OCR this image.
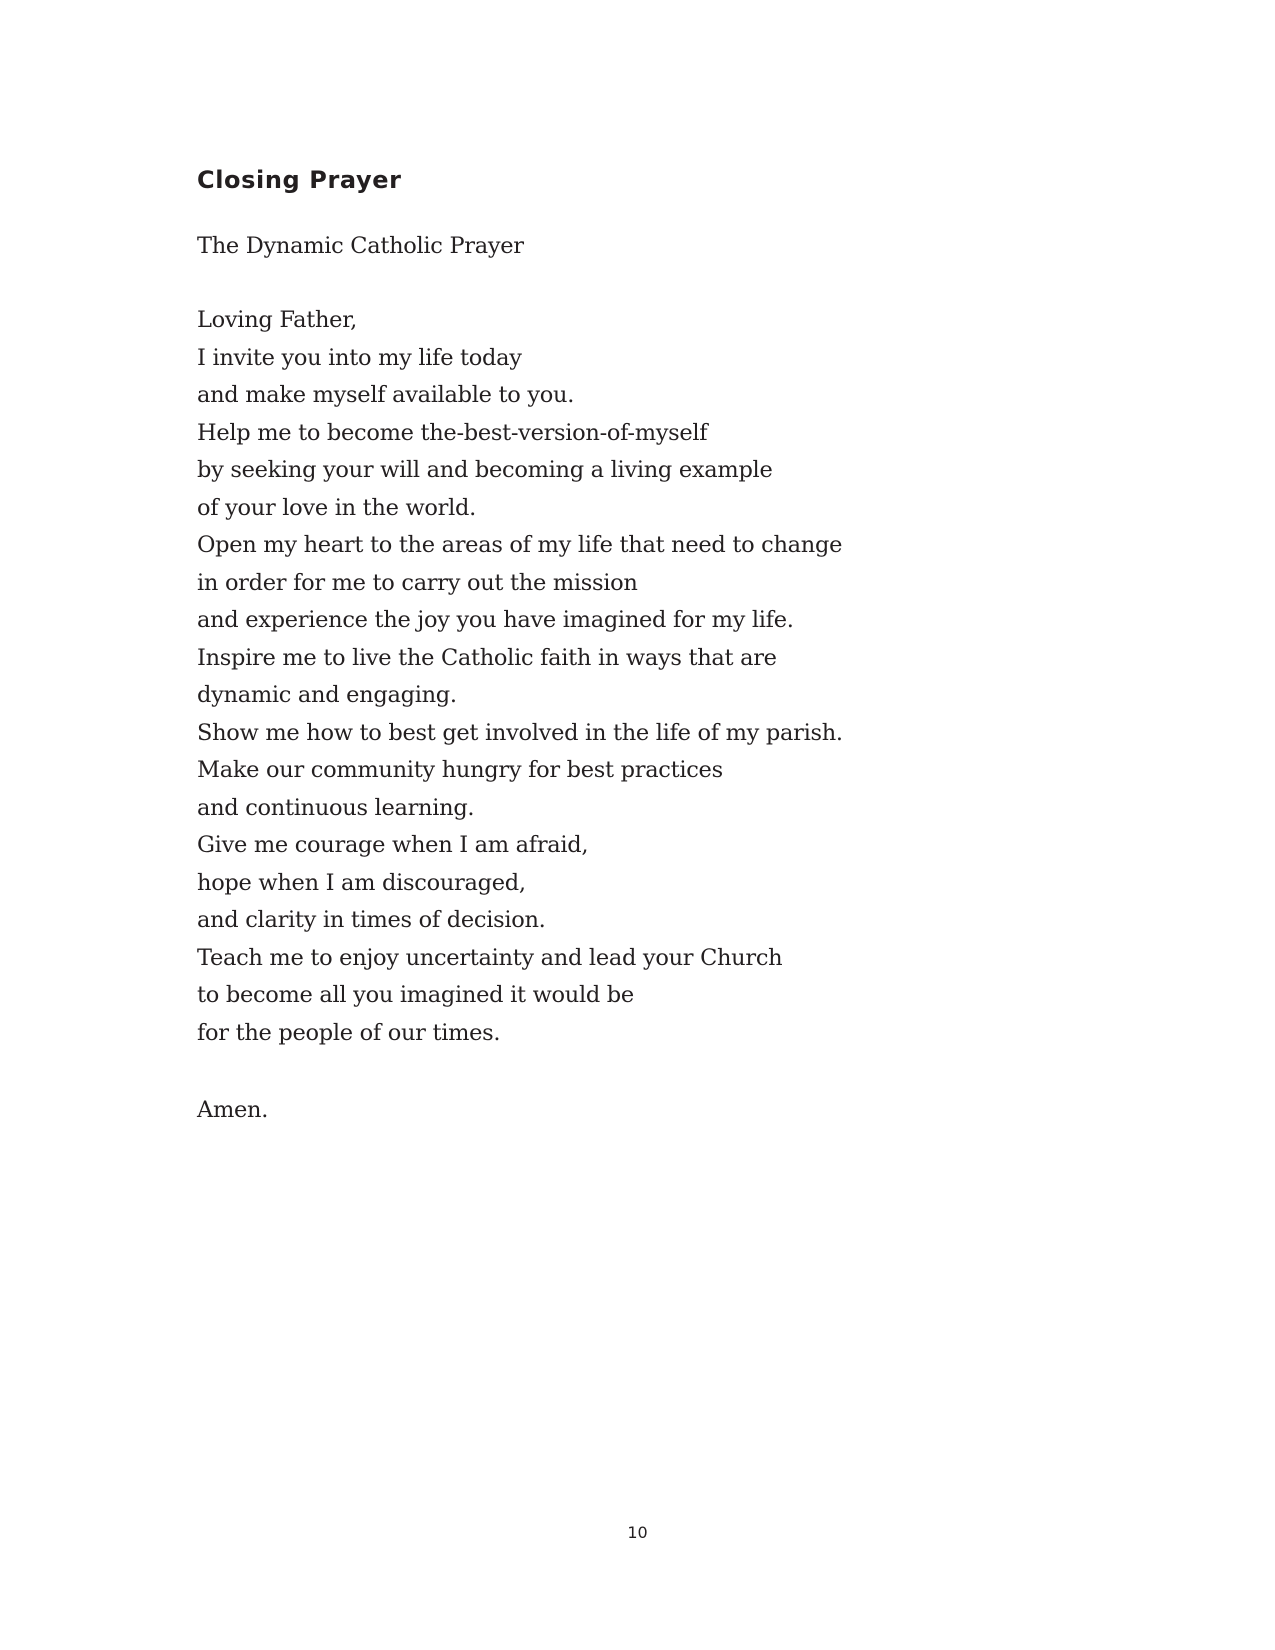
Closing Prayer

The Dynamic Catholic Prayer

Loving Father,
I invite you into my life today
and make myself available to you.
Help me to become the-best-version-of-myself
by seeking your will and becoming a living example
of your love in the world.
Open my heart to the areas of my life that need to change
in order for me to carry out the mission
and experience the joy you have imagined for my life.
Inspire me to live the Catholic faith in ways that are
dynamic and engaging.
Show me how to best get involved in the life of my parish.
Make our community hungry for best practices
and continuous learning.
Give me courage when I am afraid,
hope when I am discouraged,
and clarity in times of decision.
Teach me to enjoy uncertainty and lead your Church
to become all you imagined it would be
for the people of our times.

Amen.

10
